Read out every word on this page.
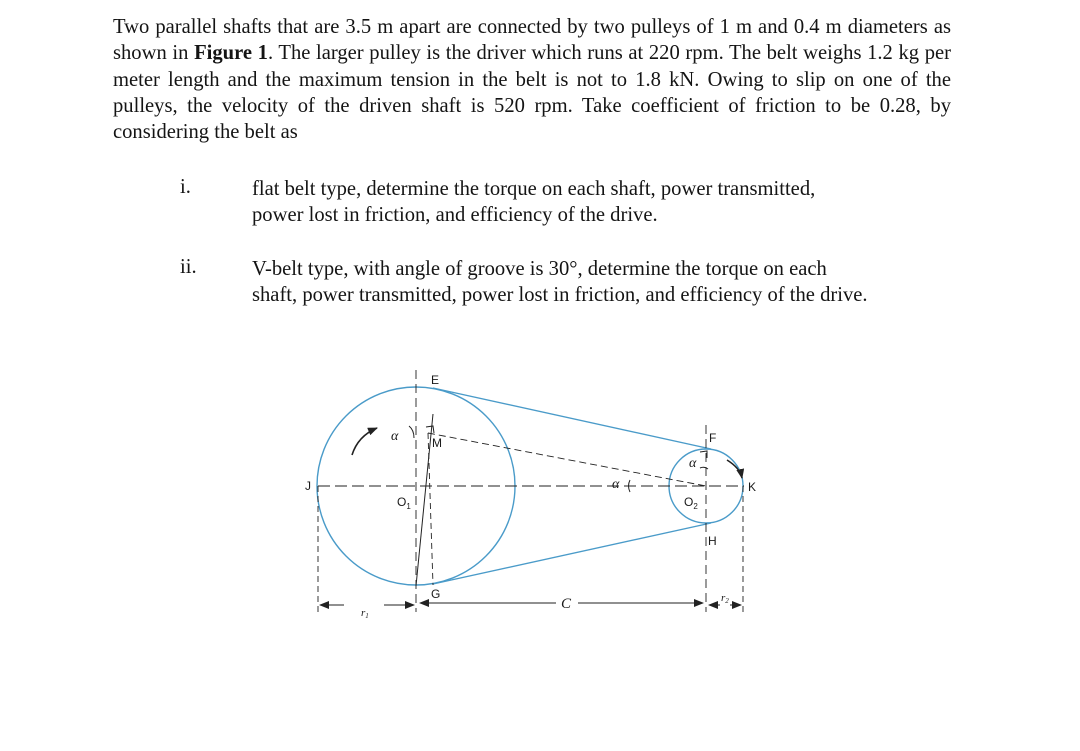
Two parallel shafts that are 3.5 m apart are connected by two pulleys of 1 m and 0.4 m diameters as shown in Figure 1. The larger pulley is the driver which runs at 220 rpm. The belt weighs 1.2 kg per meter length and the maximum tension in the belt is not to 1.8 kN. Owing to slip on one of the pulleys, the velocity of the driven shaft is 520 rpm. Take coefficient of friction to be 0.28, by considering the belt as
i.	flat belt type, determine the torque on each shaft, power transmitted,
power lost in friction, and efficiency of the drive.
ii.	V-belt type, with angle of groove is 30°, determine the torque on each
shaft, power transmitted, power lost in friction, and efficiency of the drive.
E
F
M
J	K
H
G
$O_1$	$O_2$
α
α
α
C
r1
r2
